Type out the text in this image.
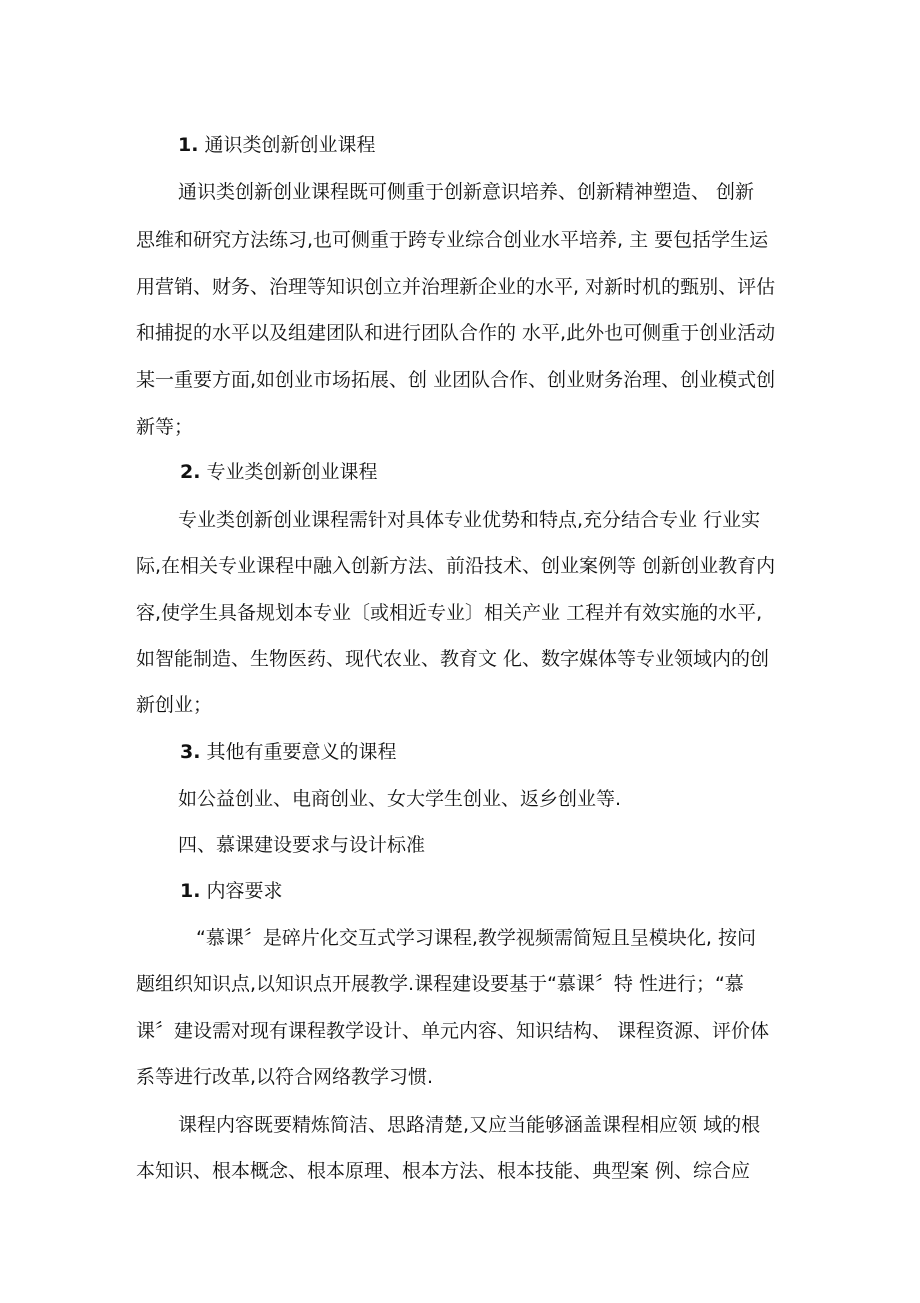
1. 通识类创新创业课程
通识类创新创业课程既可侧重于创新意识培养、创新精神塑造、 创新
思维和研究方法练习,也可侧重于跨专业综合创业水平培养, 主 要包括学生运
用营销、财务、治理等知识创立并治理新企业的水平, 对新时机的甄别、评估
和捕捉的水平以及组建团队和进行团队合作的 水平,此外也可侧重于创业活动
某一重要方面,如创业市场拓展、创 业团队合作、创业财务治理、创业模式创
新等；
2. 专业类创新创业课程
专业类创新创业课程需针对具体专业优势和特点,充分结合专业 行业实
际,在相关专业课程中融入创新方法、前沿技术、创业案例等 创新创业教育内
容,使学生具备规划本专业〔或相近专业〕相关产业 工程并有效实施的水平,
如智能制造、生物医药、现代农业、教育文 化、数字媒体等专业领域内的创
新创业；
3. 其他有重要意义的课程
如公益创业、电商创业、女大学生创业、返乡创业等.
四、慕课建设要求与设计标准
1. 内容要求
“慕课〞是碎片化交互式学习课程,教学视频需简短且呈模块化, 按问
题组织知识点,以知识点开展教学.课程建设要基于“慕课〞特 性进行；“慕
课〞建设需对现有课程教学设计、单元内容、知识结构、 课程资源、评价体
系等进行改革,以符合网络教学习惯.
课程内容既要精炼简洁、思路清楚,又应当能够涵盖课程相应领 域的根
本知识、根本概念、根本原理、根本方法、根本技能、典型案 例、综合应
